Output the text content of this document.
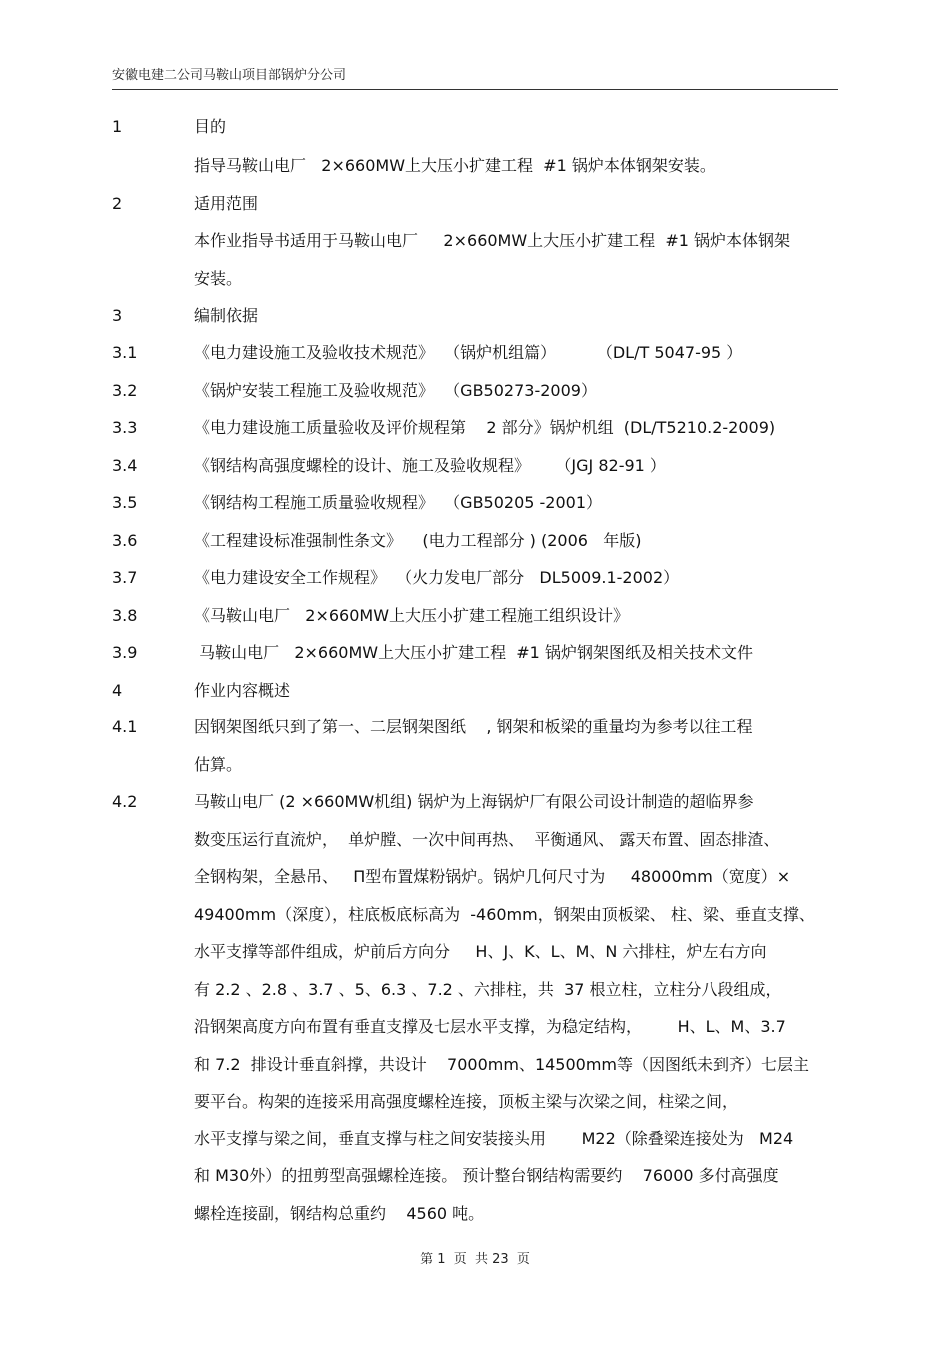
安徽电建二公司马鞍山项目部锅炉分公司
1	目的
指导马鞍山电厂   2×660MW上大压小扩建工程  #1 锅炉本体钢架安装。
2	适用范围
本作业指导书适用于马鞍山电厂     2×660MW上大压小扩建工程  #1 锅炉本体钢架
安装。
3	编制依据
3.1	《电力建设施工及验收技术规范》  （锅炉机组篇）        （DL/T 5047-95 ）
3.2	《锅炉安装工程施工及验收规范》  （GB50273-2009）
3.3	《电力建设施工质量验收及评价规程第    2 部分》锅炉机组  (DL/T5210.2-2009)
3.4	《钢结构高强度螺栓的设计、施工及验收规程》     （JGJ 82-91 ）
3.5	《钢结构工程施工质量验收规程》  （GB50205 -2001）
3.6	《工程建设标准强制性条文》    (电力工程部分 ) (2006   年版)
3.7	《电力建设安全工作规程》  （火力发电厂部分   DL5009.1-2002）
3.8	《马鞍山电厂   2×660MW上大压小扩建工程施工组织设计》
3.9	马鞍山电厂   2×660MW上大压小扩建工程  #1 锅炉钢架图纸及相关技术文件
4	作业内容概述
4.1	因钢架图纸只到了第一、二层钢架图纸    , 钢架和板梁的重量均为参考以往工程
估算。
4.2	马鞍山电厂 (2 ×660MW机组) 锅炉为上海锅炉厂有限公司设计制造的超临界参
数变压运行直流炉，  单炉膛、一次中间再热、  平衡通风、 露天布置、固态排渣、
全钢构架，全悬吊、   П型布置煤粉锅炉。锅炉几何尺寸为     48000mm（宽度）×
49400mm（深度），柱底板底标高为  -460mm，钢架由顶板梁、 柱、梁、垂直支撑、
水平支撑等部件组成，炉前后方向分     H、J、K、L、M、N 六排柱，炉左右方向
有 2.2 、2.8 、3.7 、5、6.3 、7.2 、六排柱，共  37 根立柱，立柱分八段组成，
沿钢架高度方向布置有垂直支撑及七层水平支撑，为稳定结构，       H、L、M、3.7
和 7.2  排设计垂直斜撑，共设计    7000mm、14500mm等（因图纸未到齐）七层主
要平台。构架的连接采用高强度螺栓连接，顶板主梁与次梁之间，柱梁之间，
水平支撑与梁之间，垂直支撑与柱之间安装接头用       M22（除叠梁连接处为   M24
和 M30外）的扭剪型高强螺栓连接。 预计整台钢结构需要约    76000 多付高强度
螺栓连接副，钢结构总重约    4560 吨。
第 1  页  共 23  页
